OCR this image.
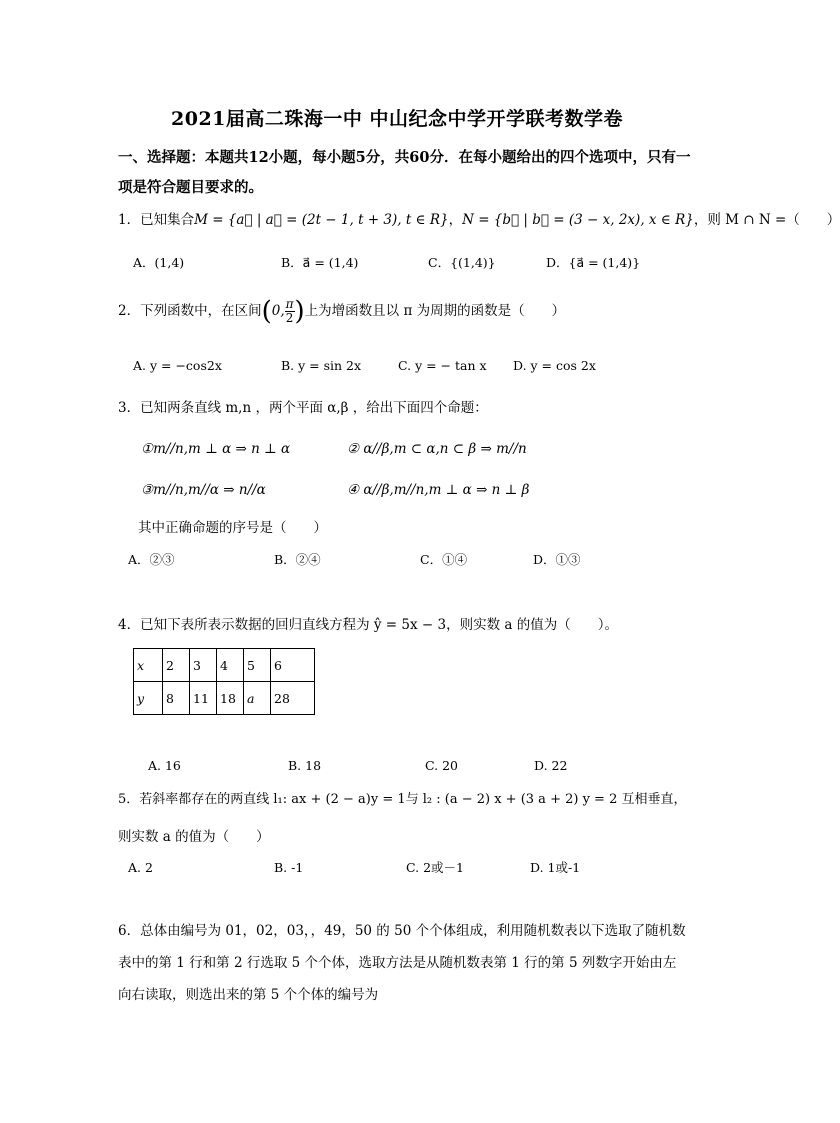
2021届高二珠海一中 中山纪念中学开学联考数学卷
一、选择题：本题共12小题，每小题5分，共60分．在每小题给出的四个选项中，只有一项是符合题目要求的。
1．已知集合M = {a⃗ | a⃗ = (2t − 1, t + 3), t ∈ R}，N = {b⃗ | b⃗ = (3 − x, 2x), x ∈ R}，则 M ∩ N =（　　）
A．(1,4)	B．a⃗ = (1,4)	C．{(1,4)}	D．{a⃗ = (1,4)}
2．下列函数中，在区间(0, $\frac{\pi}{2}$ )上为增函数且以 π 为周期的函数是（　　）
A. y = −cos2x	B. y = sin 2x	C. y = − tan x D. y = cos 2x
3．已知两条直线 m,n ，两个平面 α,β ，给出下面四个命题：
①m//n,m ⊥ α ⇒ n ⊥ α	② α//β,m ⊂ α,n ⊂ β ⇒ m//n
③m//n,m//α ⇒ n//α	④ α//β,m//n,m ⊥ α ⇒ n ⊥ β
其中正确命题的序号是（　　）
A．②③	B．②④	C．①④	D．①③
4．已知下表所表示数据的回归直线方程为 ŷ = 5x − 3，则实数 a 的值为（　　）。
x	2	3	4	5	6
y	8	11	18	a	28
A. 16	B. 18	C. 20	D. 22
5．若斜率都存在的两直线 l₁: ax + (2 − a)y = 1与 l₂ : (a − 2) x + (3 a + 2) y = 2 互相垂直，
则实数 a 的值为（　　）
A. 2	B. -1	C. 2或－1	D. 1或-1
6．总体由编号为 01，02，03，，49，50 的 50 个个体组成，利用随机数表以下选取了随机数
表中的第 1 行和第 2 行选取 5 个个体，选取方法是从随机数表第 1 行的第 5 列数字开始由左
向右读取，则选出来的第 5 个个体的编号为
